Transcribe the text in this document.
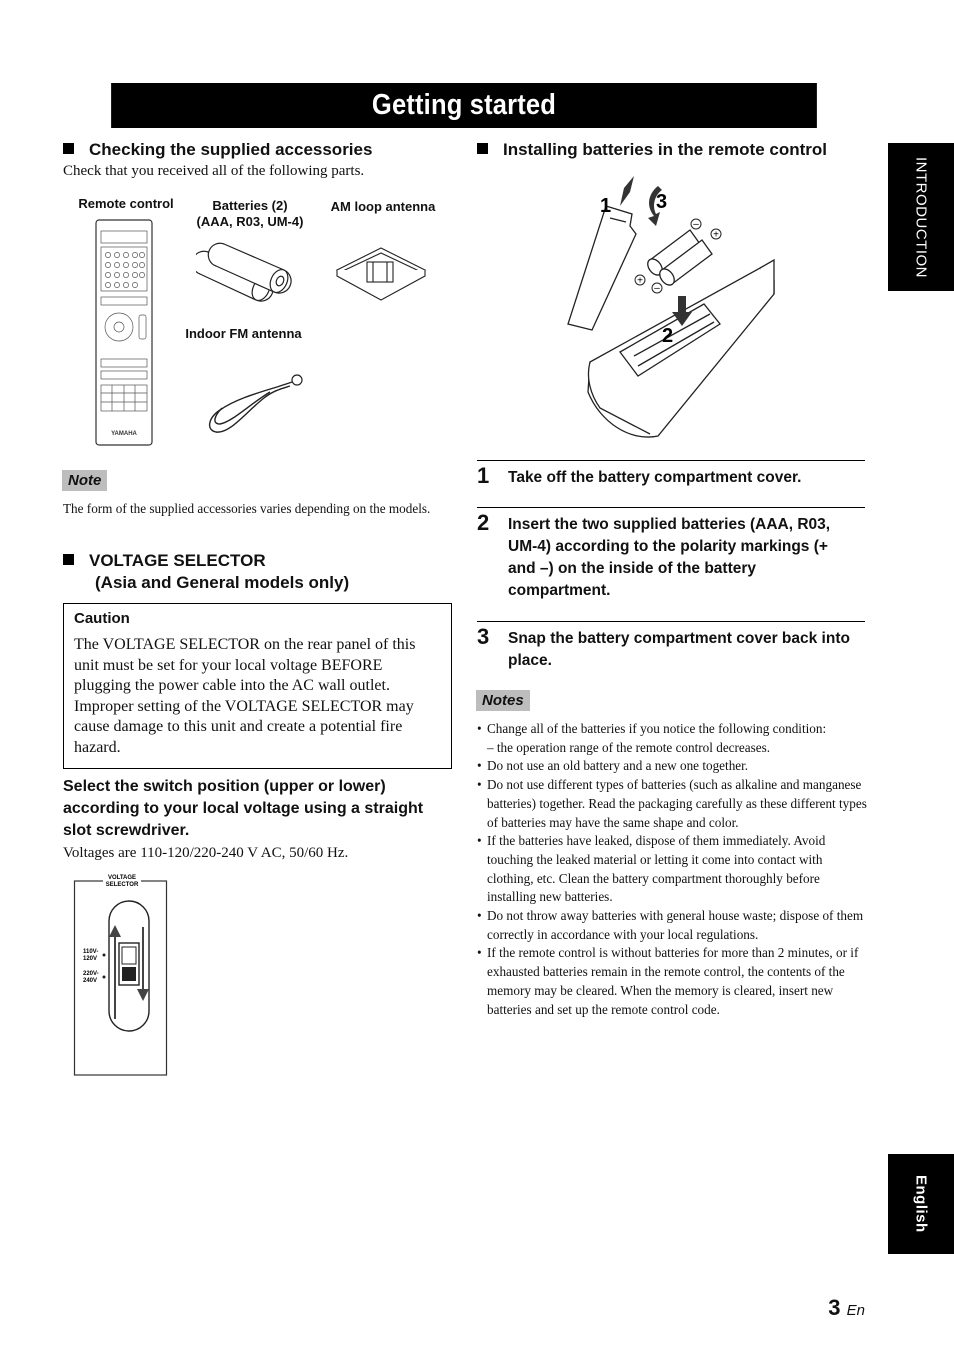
Getting started
Checking the supplied accessories
Check that you received all of the following parts.
Remote control	Batteries (2)
(AAA, R03, UM-4)
AM loop antenna
Indoor FM antenna
YAMAHA
Note
The form of the supplied accessories varies depending on the models.
VOLTAGE SELECTOR
(Asia and General models only)
Caution
The VOLTAGE SELECTOR on the rear panel of this unit must be set for your local voltage BEFORE plugging the power cable into the AC wall outlet. Improper setting of the VOLTAGE SELECTOR may cause damage to this unit and create a potential fire hazard.
Select the switch position (upper or lower) according to your local voltage using a straight slot screwdriver.
Voltages are 110-120/220-240 V AC, 50/60 Hz.
VOLTAGE
SELECTOR
110V-
120V
220V-
240V
Installing batteries in the remote control
–
+
+
–
1 3
2
1 Take off the battery compartment cover.
2 Insert the two supplied batteries (AAA, R03, UM-4) according to the polarity markings (+ and –) on the inside of the battery compartment.
3 Snap the battery compartment cover back into place.
Notes
• Change all of the batteries if you notice the following condition:
– the operation range of the remote control decreases.
• Do not use an old battery and a new one together.
• Do not use different types of batteries (such as alkaline and manganese batteries) together. Read the packaging carefully as these different types of batteries may have the same shape and color.
• If the batteries have leaked, dispose of them immediately. Avoid touching the leaked material or letting it come into contact with clothing, etc. Clean the battery compartment thoroughly before installing new batteries.
• Do not throw away batteries with general house waste; dispose of them correctly in accordance with your local regulations.
• If the remote control is without batteries for more than 2 minutes, or if exhausted batteries remain in the remote control, the contents of the memory may be cleared. When the memory is cleared, insert new batteries and set up the remote control code.
INTRODUCTION
English
3 En
